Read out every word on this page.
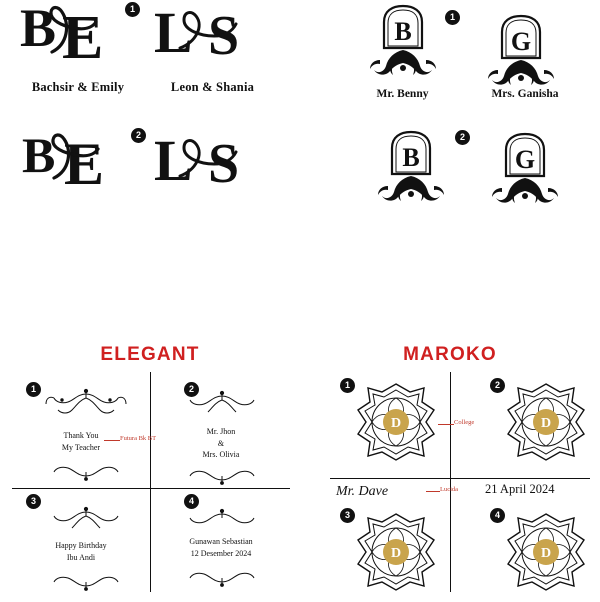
B E	1
Bachsir & Emily
L S
Leon & Shania
B E	2 L S
B	1
Mr. Benny
G
Mrs. Ganisha
B
2
G
ELEGANT
1
Thank You
My Teacher
Futura Bk BT
2
Mr. Jhon
&
Mrs. Olivia
3
Happy Birthday
Ibu Andi
4
Gunawan Sebastian
12 Desember 2024
MAROKO
1
D	College
2
D
Mr. Dave	Lucida 21 April 2024
3
D
4
D
